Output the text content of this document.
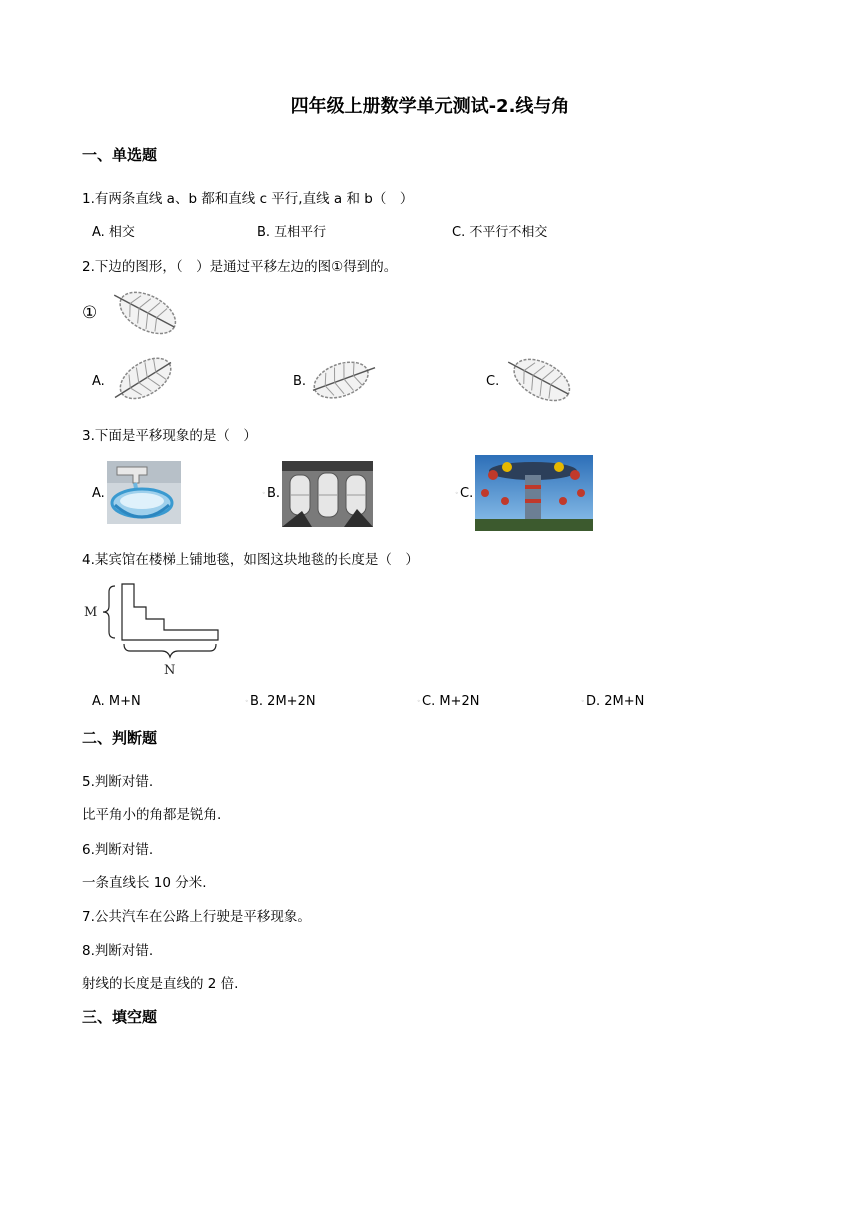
四年级上册数学单元测试-2.线与角
一、单选题
1.有两条直线 a、b 都和直线 c 平行,直线 a 和 b（　）
A. 相交	B. 互相平行	C. 不平行不相交
2.下边的图形，（　）是通过平移左边的图①得到的。
①
A.	B.	C.
3.下面是平移现象的是（　）
A.	◦ B.	◦ C.
4.某宾馆在楼梯上铺地毯，如图这块地毯的长度是（　）
M
N
A. M+N	◦ B. 2M+2N	◦ C. M+2N	◦ D. 2M+N
二、判断题
5.判断对错.
比平角小的角都是锐角.
6.判断对错.
一条直线长 10 分米.
7.公共汽车在公路上行驶是平移现象。
8.判断对错.
射线的长度是直线的 2 倍.
三、填空题
